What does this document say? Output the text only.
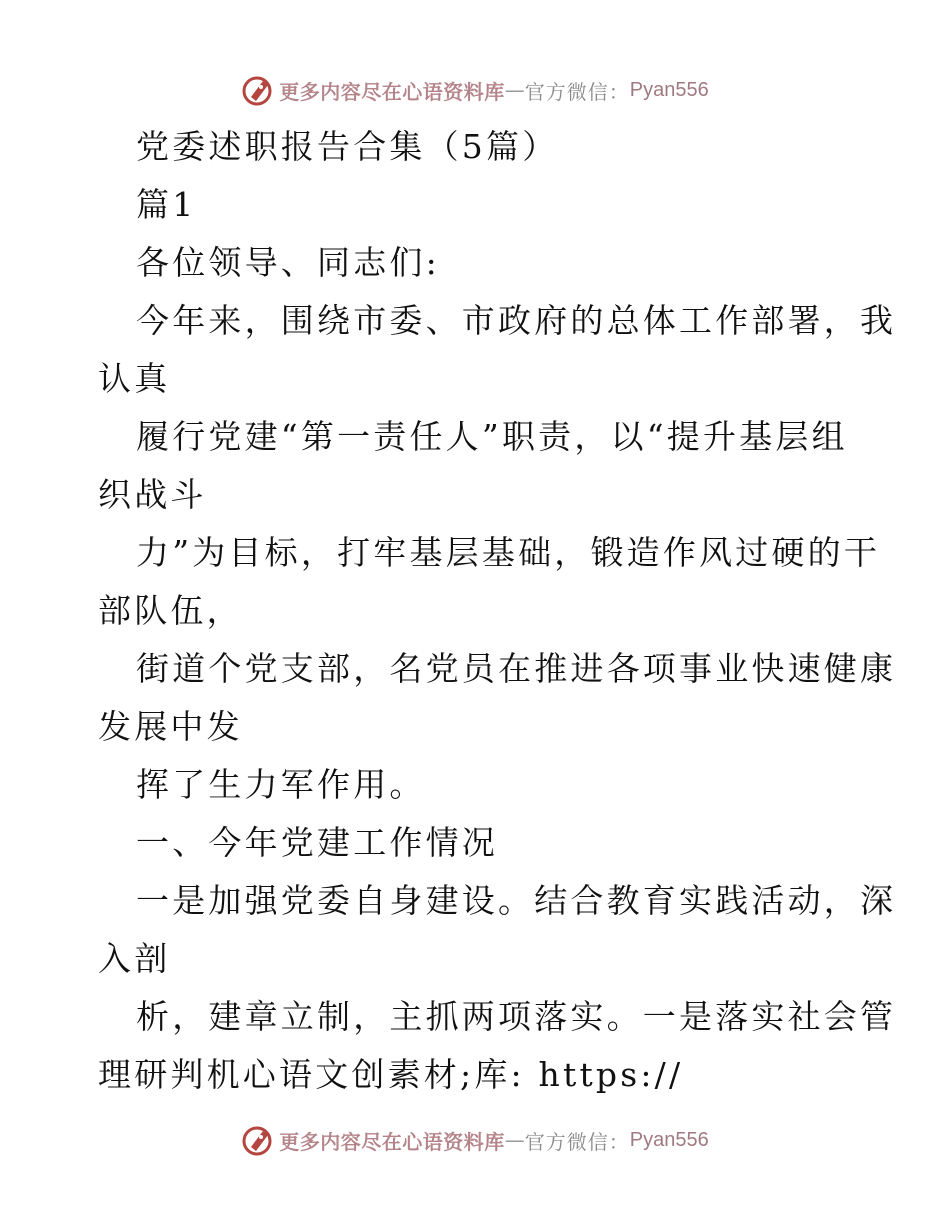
更多内容尽在心语资料库 — 官方微信： Pyan556

党委述职报告合集（5篇）

篇1

各位领导、同志们:

今年来，围绕市委、市政府的总体工作部署，我

认真

履行党建“第一责任人”职责，以“提升基层组

织战斗

力”为目标，打牢基层基础，锻造作风过硬的干

部队伍，

街道个党支部，名党员在推进各项事业快速健康

发展中发

挥了生力军作用。

一、今年党建工作情况

一是加强党委自身建设。结合教育实践活动，深

入剖

析，建章立制，主抓两项落实。一是落实社会管

理研判机心语文创素材;库: https://

更多内容尽在心语资料库 — 官方微信： Pyan556
